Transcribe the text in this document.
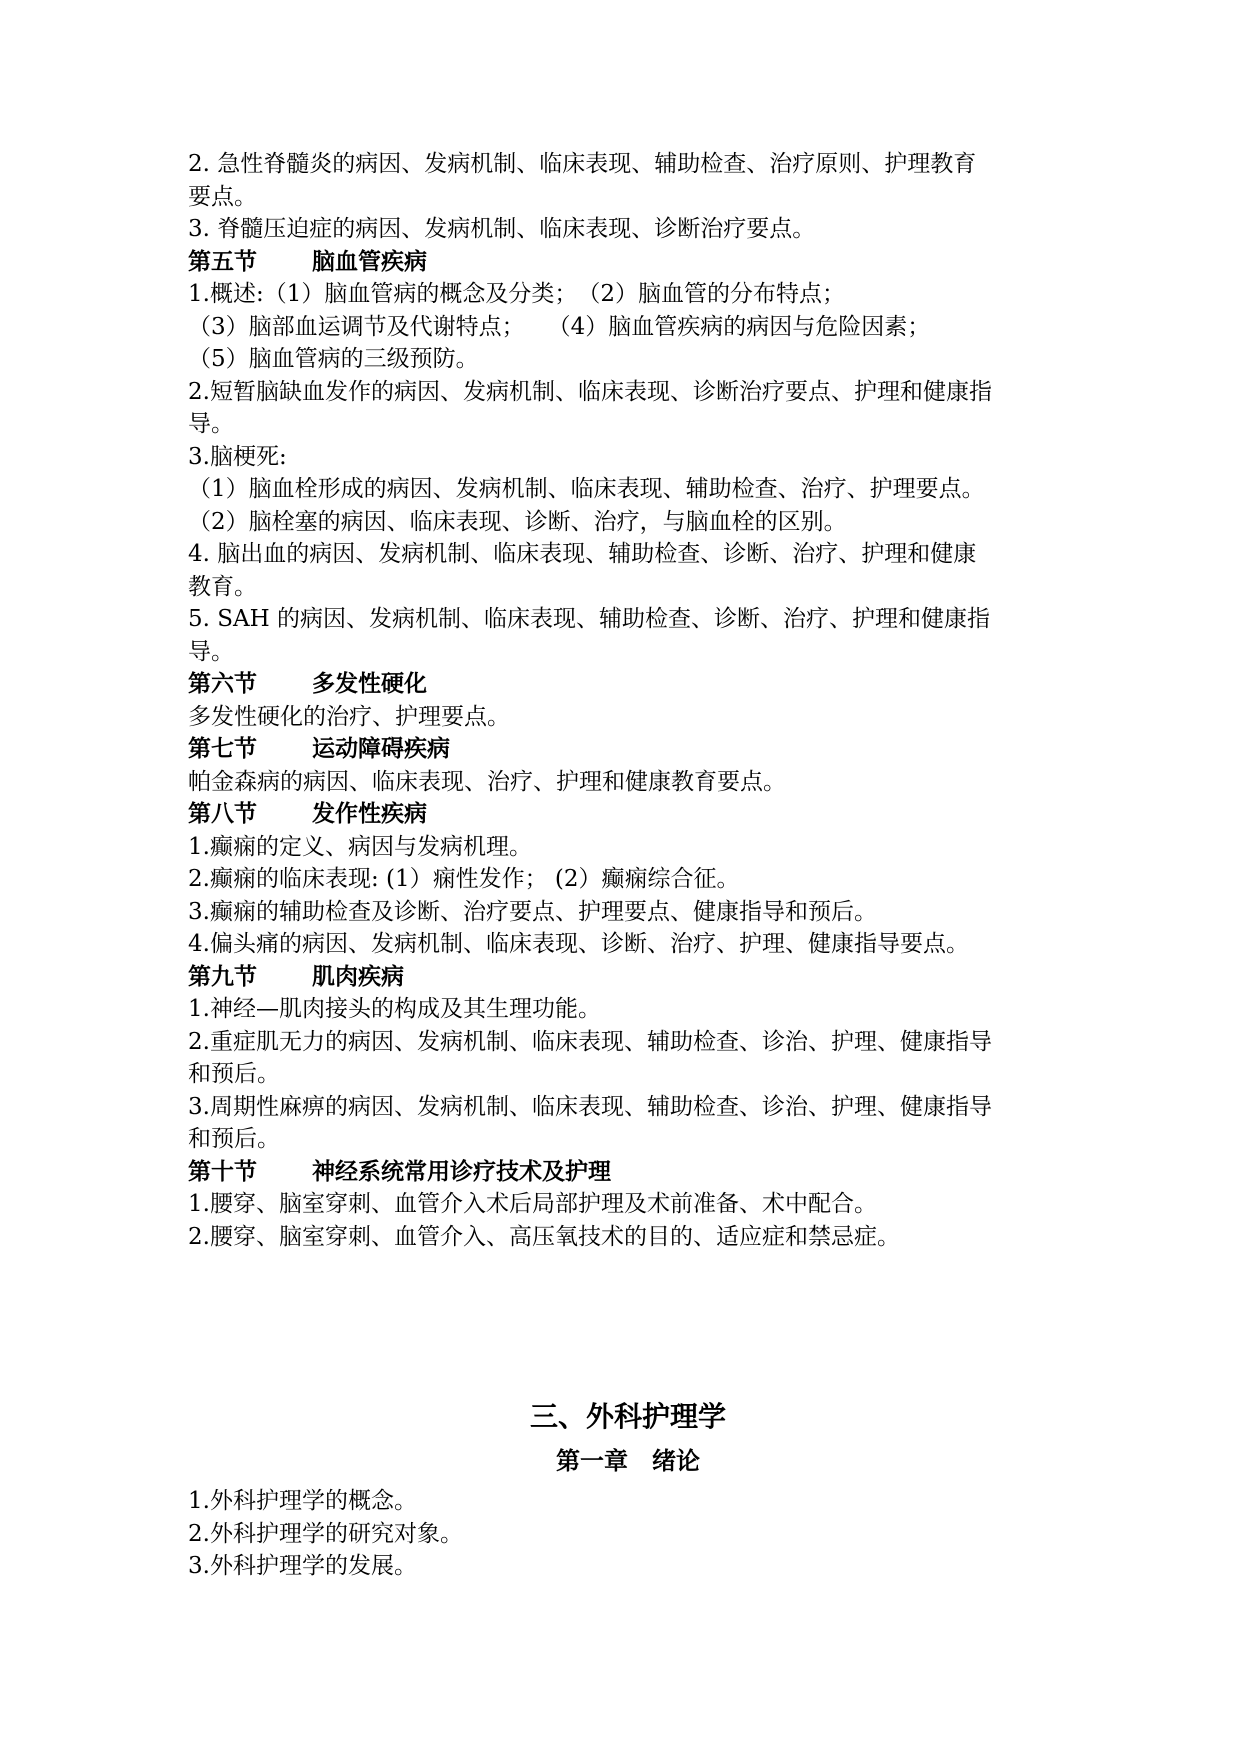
2. 急性脊髓炎的病因、发病机制、临床表现、辅助检查、治疗原则、护理教育
要点。

3. 脊髓压迫症的病因、发病机制、临床表现、诊断治疗要点。

第五节 脑血管疾病

1.概述:（1）脑血管病的概念及分类；　（2）脑血管的分布特点；
（3）脑部血运调节及代谢特点；　　（4）脑血管疾病的病因与危险因素；
（5）脑血管病的三级预防。

2.短暂脑缺血发作的病因、发病机制、临床表现、诊断治疗要点、护理和健康指
导。

3.脑梗死:

（1）脑血栓形成的病因、发病机制、临床表现、辅助检查、治疗、护理要点。

（2）脑栓塞的病因、临床表现、诊断、治疗，与脑血栓的区别。

4. 脑出血的病因、发病机制、临床表现、辅助检查、诊断、治疗、护理和健康
教育。

5. SAH 的病因、发病机制、临床表现、辅助检查、诊断、治疗、护理和健康指
导。

第六节 多发性硬化

多发性硬化的治疗、护理要点。

第七节 运动障碍疾病

帕金森病的病因、临床表现、治疗、护理和健康教育要点。

第八节 发作性疾病

1.癫痫的定义、病因与发病机理。

2.癫痫的临床表现: (1）痫性发作； (2）癫痫综合征。

3.癫痫的辅助检查及诊断、治疗要点、护理要点、健康指导和预后。

4.偏头痛的病因、发病机制、临床表现、诊断、治疗、护理、健康指导要点。

第九节 肌肉疾病

1.神经—肌肉接头的构成及其生理功能。

2.重症肌无力的病因、发病机制、临床表现、辅助检查、诊治、护理、健康指导
和预后。

3.周期性麻痹的病因、发病机制、临床表现、辅助检查、诊治、护理、健康指导
和预后。

第十节 神经系统常用诊疗技术及护理

1.腰穿、脑室穿刺、血管介入术后局部护理及术前准备、术中配合。

2.腰穿、脑室穿刺、血管介入、高压氧技术的目的、适应症和禁忌症。

三、外科护理学
第一章　绪论

1.外科护理学的概念。

2.外科护理学的研究对象。

3.外科护理学的发展。
